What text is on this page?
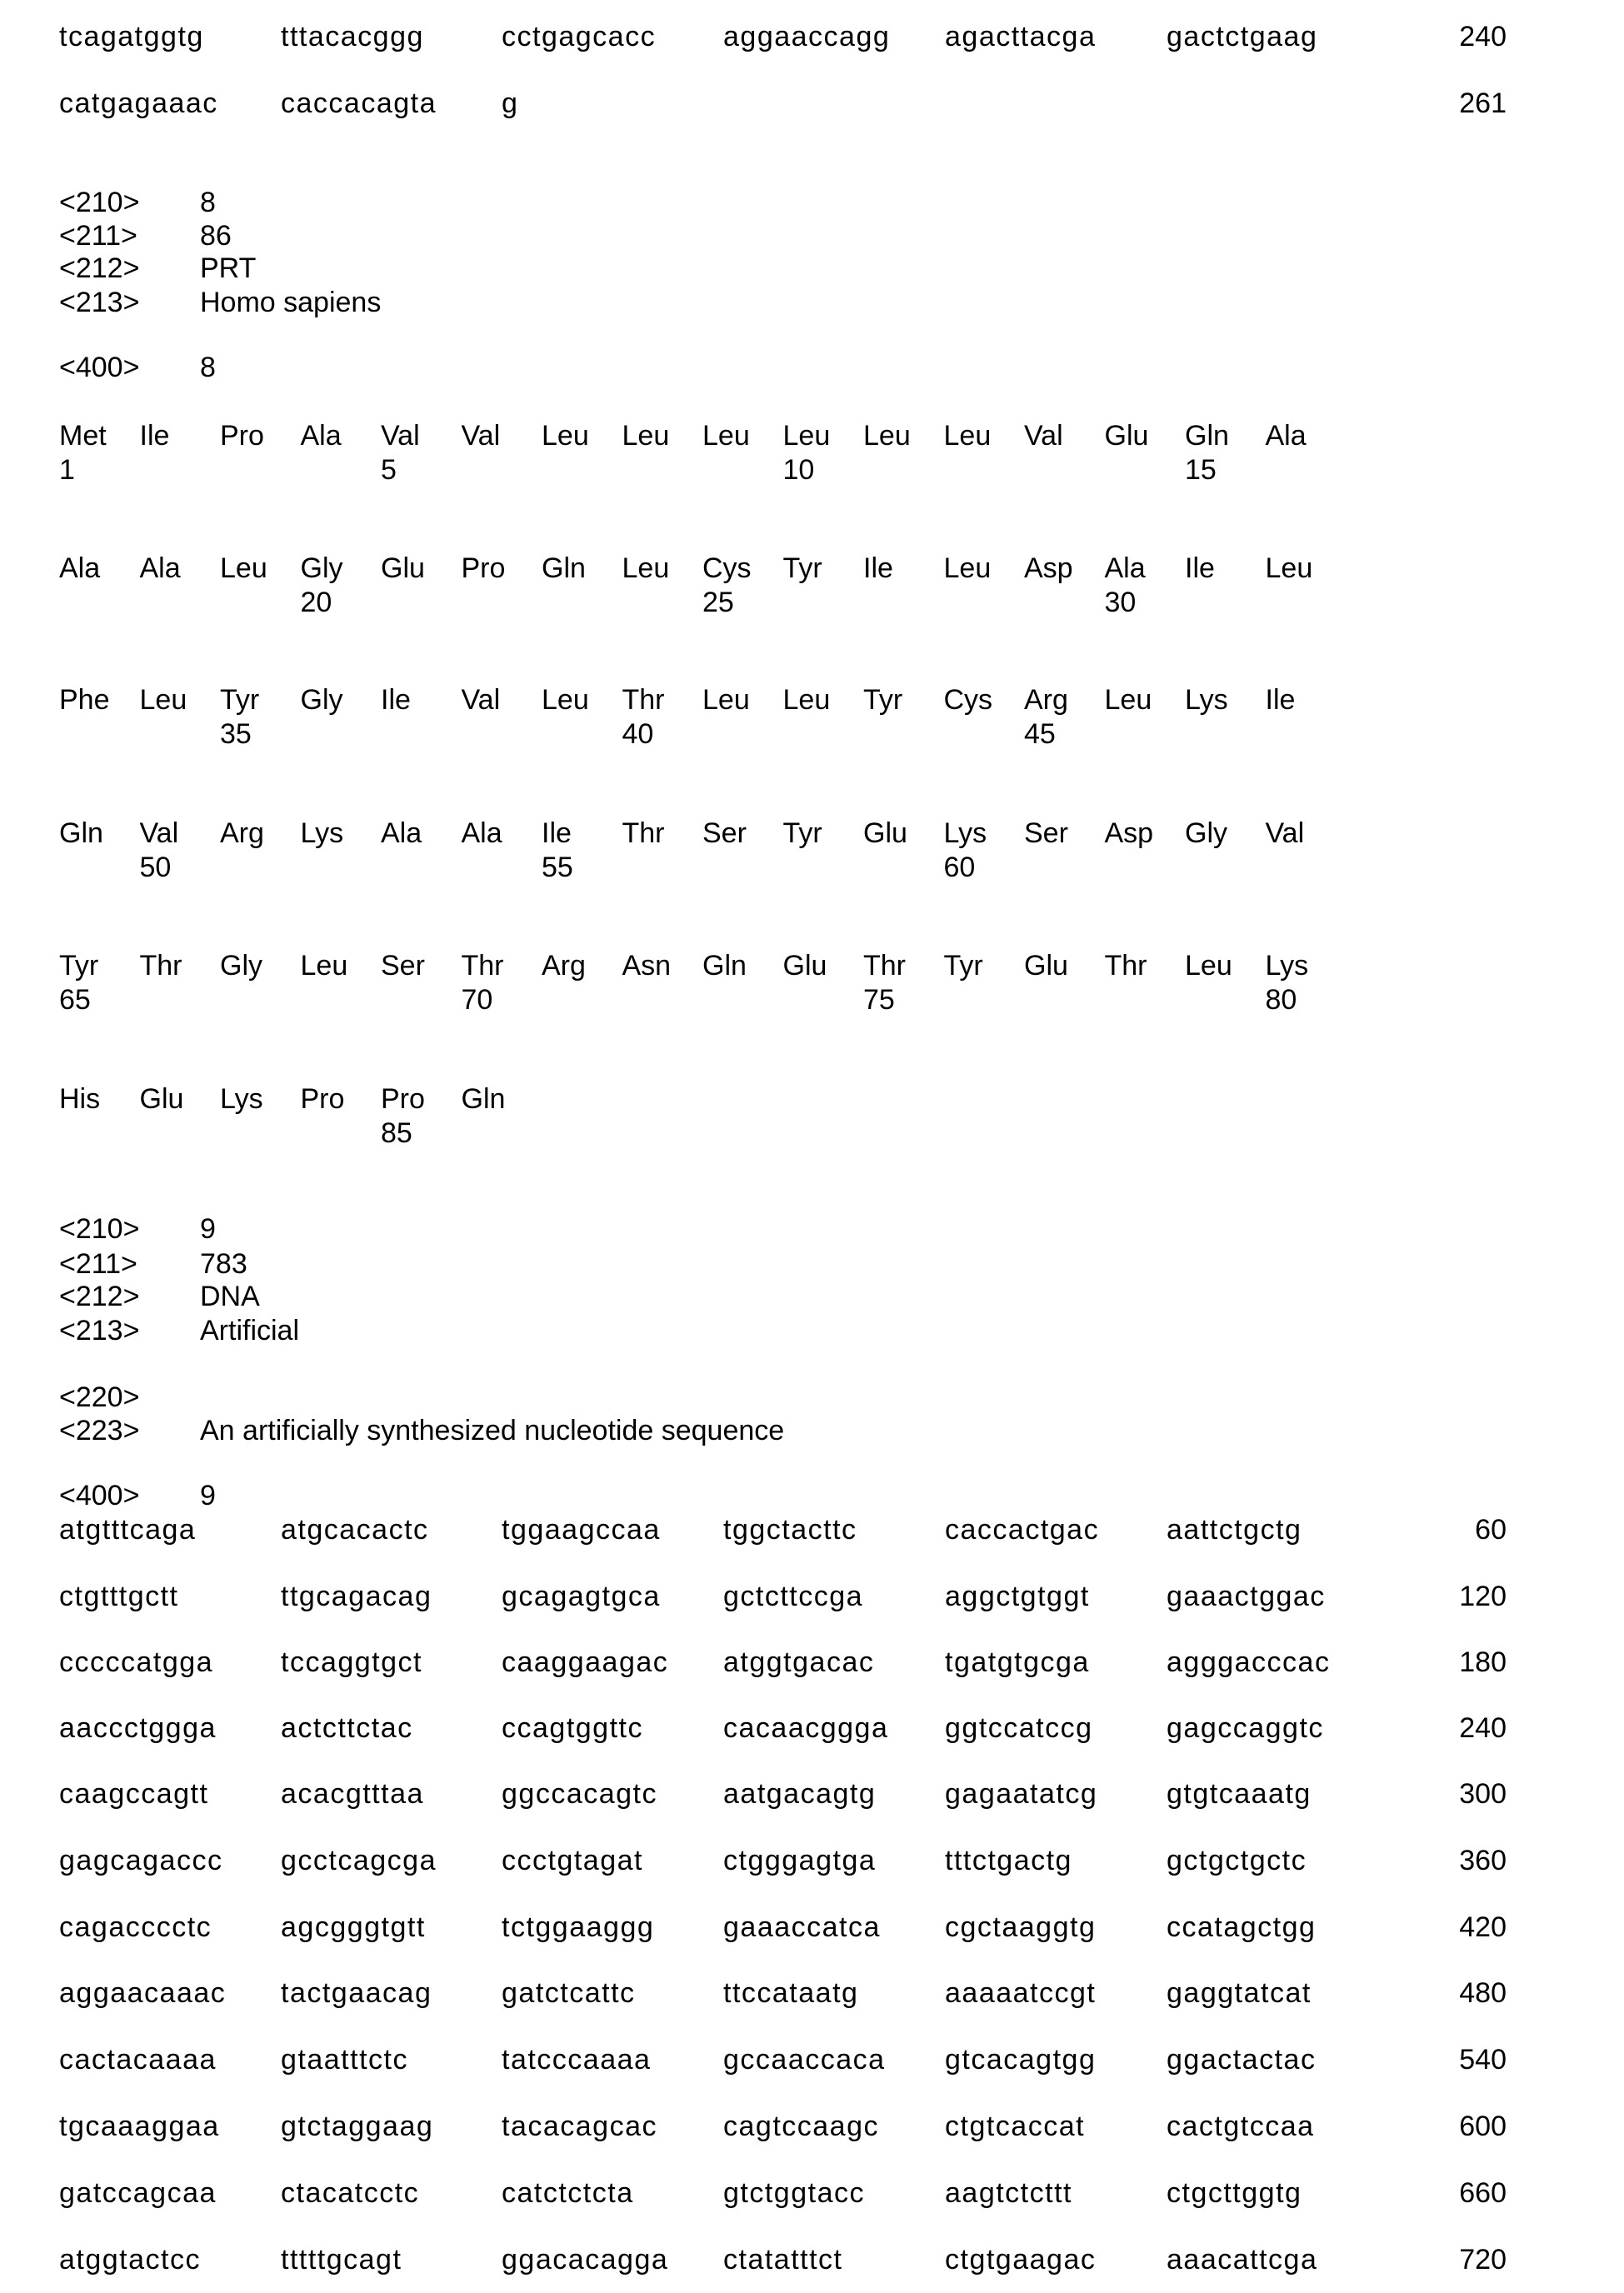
tcagatggtg	tttacacggg	cctgagcacc aggaaccagg agacttacga gactctgaag	240
catgagaaac caccacagta g	261
<210> 8
<211> 86
<212> PRT
<213> Homo sapiens
<400> 8
Met Ile Pro Ala Val Val Leu Leu Leu Leu Leu Leu Val Glu Gln Ala
1	5	10	15
Ala Ala Leu Gly Glu Pro Gln Leu Cys Tyr Ile Leu Asp Ala Ile Leu
20	25	30
Phe Leu Tyr Gly Ile Val Leu Thr Leu Leu Tyr Cys Arg Leu Lys Ile
35	40	45
Gln Val Arg Lys Ala Ala Ile Thr Ser Tyr Glu Lys Ser Asp Gly Val
50	55	60
Tyr Thr Gly Leu Ser Thr Arg Asn Gln Glu Thr Tyr Glu Thr Leu Lys
65	70	75	80
His Glu Lys Pro Pro Gln
85
<210> 9
<211> 783
<212> DNA
<213> Artificial
<220>
<223> An artificially synthesized nucleotide sequence
<400> 9
atgtttcaga	atgcacactc	tggaagccaa tggctacttc	caccactgac aattctgctg	60
ctgtttgctt	ttgcagacag gcagagtgca gctcttccga	aggctgtggt	gaaactggac	120
cccccatgga tccaggtgct	caaggaagac atggtgacac tgatgtgcga	agggacccac	180
aaccctggga actcttctac	ccagtggttc	cacaacggga ggtccatccg	gagccaggtc	240
caagccagtt	acacgtttaa	ggccacagtc aatgacagtg gagaatatcg gtgtcaaatg	300
gagcagaccc gcctcagcga ccctgtagat	ctgggagtga tttctgactg	gctgctgctc	360
cagacccctc agcgggtgtt	tctggaaggg gaaaccatca cgctaaggtg ccatagctgg	420
aggaacaaac tactgaacag gatctcattc	ttccataatg	aaaaatccgt gaggtatcat	480
cactacaaaa gtaatttctc	tatcccaaaa	gccaaccaca gtcacagtgg ggactactac	540
tgcaaaggaa gtctaggaag tacacagcac cagtccaagc ctgtcaccat	cactgtccaa	600
gatccagcaa ctacatcctc	catctctcta	gtctggtacc	aagtctcttt	ctgcttggtg	660
atggtactcc	tttttgcagt	ggacacagga ctatatttct	ctgtgaagac aaacattcga	720
